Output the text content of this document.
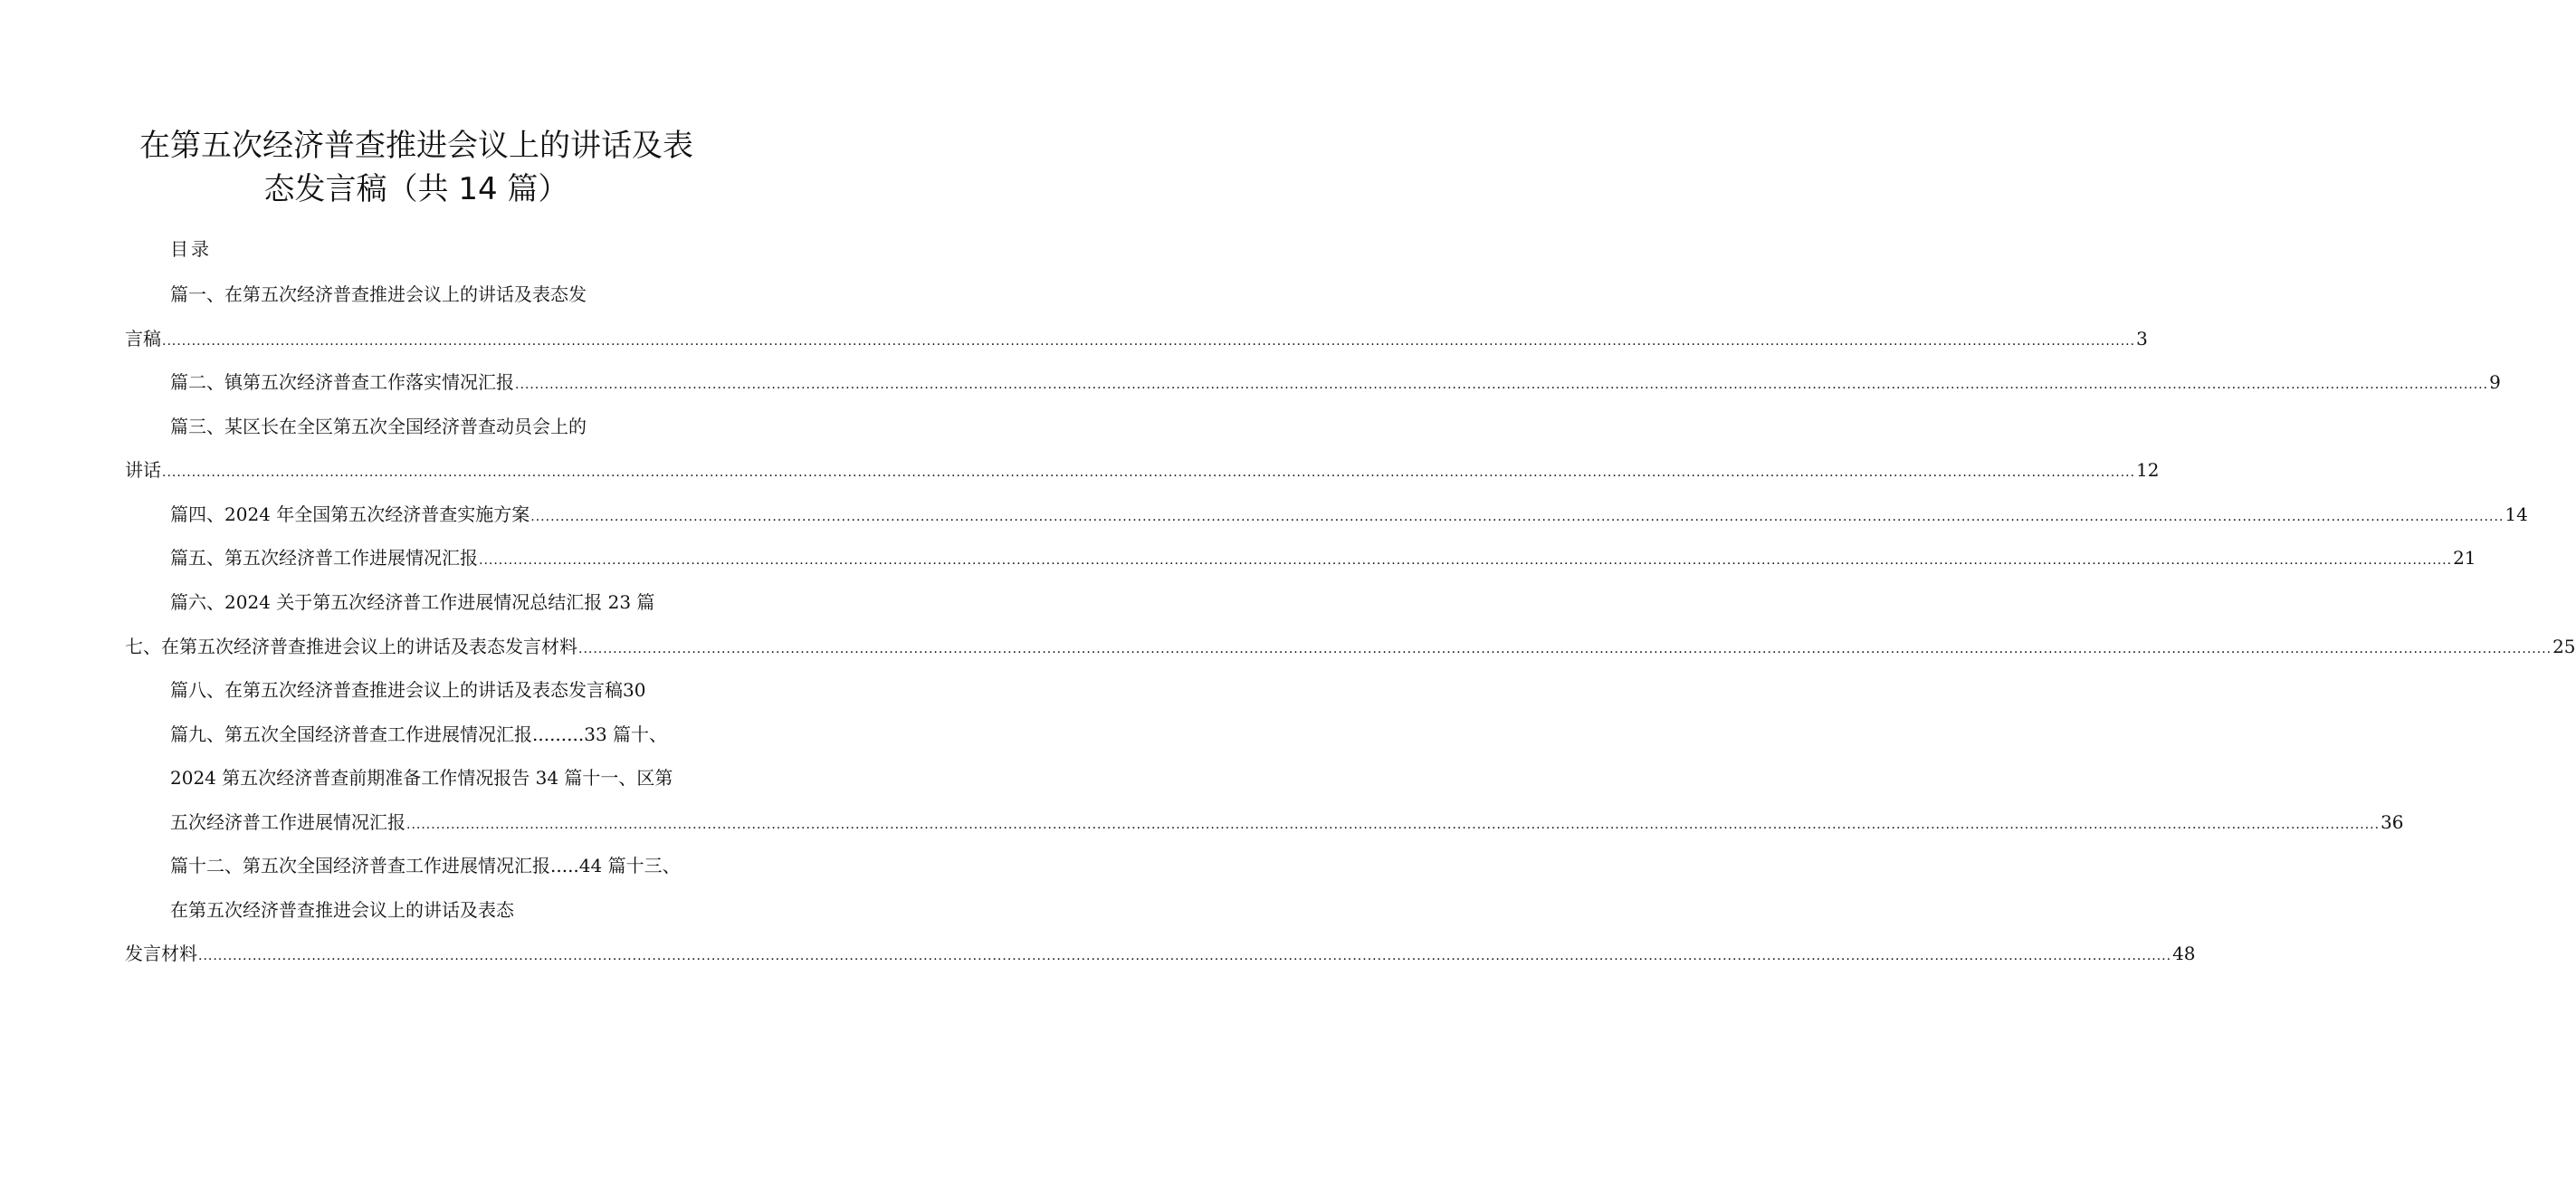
在第五次经济普查推进会议上的讲话及表
态发言稿（共 14 篇）
目录
篇一、在第五次经济普查推进会议上的讲话及表态发
言稿 ................................................................................................................................................................................................................................................................................................................................................................................................................ 3
篇二、镇第五次经济普查工作落实情况汇报 ................................................................................................................................................................................................................................................................................................................................................................................................................ 9
篇三、某区长在全区第五次全国经济普查动员会上的
讲话 ................................................................................................................................................................................................................................................................................................................................................................................................................ 12
篇四、2024 年全国第五次经济普查实施方案 ................................................................................................................................................................................................................................................................................................................................................................................................................ 14
篇五、第五次经济普工作进展情况汇报 ................................................................................................................................................................................................................................................................................................................................................................................................................ 21
篇六、2024 关于第五次经济普工作进展情况总结汇报 23 篇
七、在第五次经济普查推进会议上的讲话及表态发言材料 ................................................................................................................................................................................................................................................................................................................................................................................................................ 25
篇八、在第五次经济普查推进会议上的讲话及表态发言稿30
篇九、第五次全国经济普查工作进展情况汇报.........33 篇十、
2024 第五次经济普查前期准备工作情况报告 34 篇十一、区第
五次经济普工作进展情况汇报 ................................................................................................................................................................................................................................................................................................................................................................................................................ 36
篇十二、第五次全国经济普查工作进展情况汇报.....44 篇十三、
在第五次经济普查推进会议上的讲话及表态
发言材料 ................................................................................................................................................................................................................................................................................................................................................................................................................ 48
